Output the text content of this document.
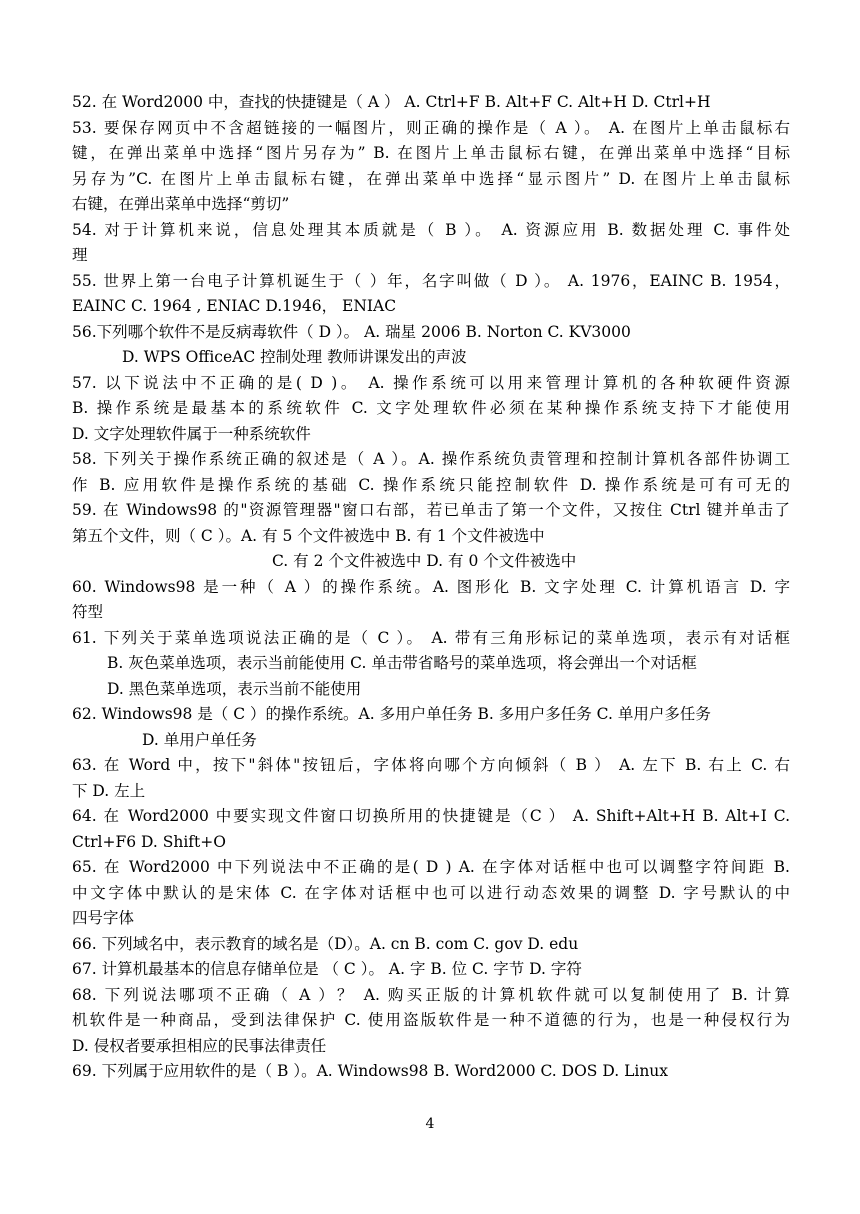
52. 在 Word2000 中，查找的快捷键是（ A ） A. Ctrl+F B. Alt+F C. Alt+H D. Ctrl+H
53. 要保存网页中不含超链接的一幅图片，则正确的操作是（ A ）。 A. 在图片上单击鼠标右
键，在弹出菜单中选择“图片另存为” B. 在图片上单击鼠标右键，在弹出菜单中选择“目标
另存为”C. 在图片上单击鼠标右键，在弹出菜单中选择“显示图片” D. 在图片上单击鼠标
右键，在弹出菜单中选择“剪切”
54. 对于计算机来说，信息处理其本质就是（ B ）。 A. 资源应用 B. 数据处理 C. 事件处
理
55. 世界上第一台电子计算机诞生于（ ）年，名字叫做（ D ）。 A. 1976，EAINC B. 1954，
EAINC C. 1964 , ENIAC D.1946， ENIAC
56.下列哪个软件不是反病毒软件（ D ）。 A. 瑞星 2006 B. Norton C. KV3000
D. WPS OfficeAC 控制处理 教师讲课发出的声波
57. 以下说法中不正确的是( D )。 A. 操作系统可以用来管理计算机的各种软硬件资源
B. 操作系统是最基本的系统软件 C. 文字处理软件必须在某种操作系统支持下才能使用
D. 文字处理软件属于一种系统软件
58. 下列关于操作系统正确的叙述是（ A ）。A. 操作系统负责管理和控制计算机各部件协调工
作 B. 应用软件是操作系统的基础 C. 操作系统只能控制软件 D. 操作系统是可有可无的
59. 在 Windows98 的"资源管理器"窗口右部，若已单击了第一个文件，又按住 Ctrl 键并单击了
第五个文件，则（ C ）。A. 有 5 个文件被选中 B. 有 1 个文件被选中
C. 有 2 个文件被选中 D. 有 0 个文件被选中
60. Windows98 是一种（ A ）的操作系统。A. 图形化 B. 文字处理 C. 计算机语言 D. 字
符型
61. 下列关于菜单选项说法正确的是（ C ）。 A. 带有三角形标记的菜单选项，表示有对话框
B. 灰色菜单选项，表示当前能使用 C. 单击带省略号的菜单选项，将会弹出一个对话框
D. 黑色菜单选项，表示当前不能使用
62. Windows98 是（ C ）的操作系统。A. 多用户单任务 B. 多用户多任务 C. 单用户多任务
D. 单用户单任务
63. 在 Word 中，按下"斜体"按钮后，字体将向哪个方向倾斜（ B ） A. 左下 B. 右上 C. 右
下 D. 左上
64. 在 Word2000 中要实现文件窗口切换所用的快捷键是（C ） A. Shift+Alt+H B. Alt+I C.
Ctrl+F6 D. Shift+O
65. 在 Word2000 中下列说法中不正确的是( D ) A. 在字体对话框中也可以调整字符间距 B.
中文字体中默认的是宋体 C. 在字体对话框中也可以进行动态效果的调整 D. 字号默认的中
四号字体
66. 下列域名中，表示教育的域名是（D）。A. cn B. com C. gov D. edu
67. 计算机最基本的信息存储单位是 （ C ）。 A. 字 B. 位 C. 字节 D. 字符
68. 下列说法哪项不正确（ A ）？ A. 购买正版的计算机软件就可以复制使用了 B. 计算
机软件是一种商品，受到法律保护 C. 使用盗版软件是一种不道德的行为，也是一种侵权行为
D. 侵权者要承担相应的民事法律责任
69. 下列属于应用软件的是（ B ）。A. Windows98 B. Word2000 C. DOS D. Linux
4
